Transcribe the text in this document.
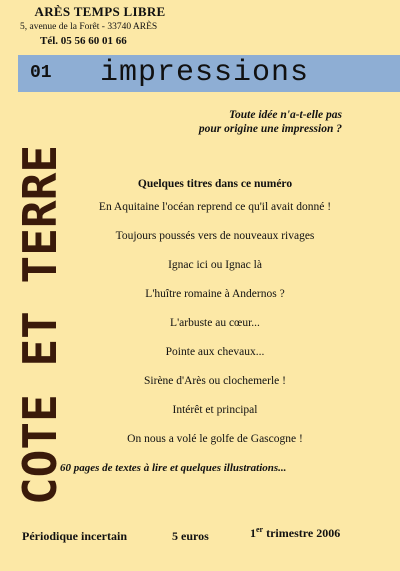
ARÈS TEMPS LIBRE
5, avenue de la Forêt - 33740 ARÈS
Tél. 05 56 60 01 66
01 impressions
Toute idée n'a-t-elle pas
pour origine une impression ?
COTE ET TERRE	Quelques titres dans ce numéro
En Aquitaine l'océan reprend ce qu'il avait donné !
Toujours poussés vers de nouveaux rivages
Ignac ici ou Ignac là
L'huître romaine à Andernos ?
L'arbuste au cœur...
Pointe aux chevaux...
Sirène d'Arès ou clochemerle !
Intérêt et principal
On nous a volé le golfe de Gascogne !
60 pages de textes à lire et quelques illustrations...
Périodique incertain	5 euros	1er trimestre 2006
